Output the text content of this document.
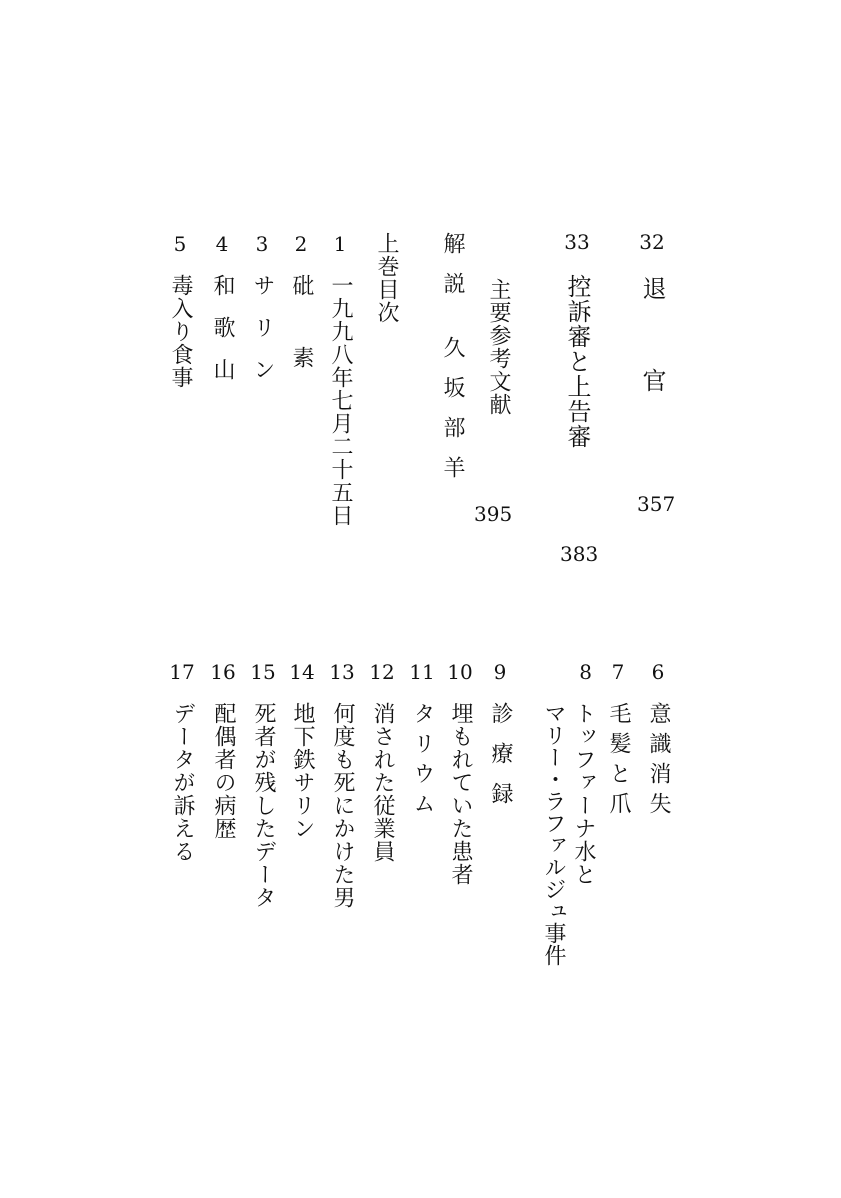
32
退　官
357
33
控訴審と上告審
383
主要参考文献
395
解説
久坂部羊
上巻目次
1
一九九八年七月二十五日
2
砒　素
3
サリン
4
和歌山
5
毒入り食事
6
意識消失
7
毛髪と爪
8
トッファーナ水と
マリー・ラファルジュ事件
9
診療録
10
埋もれていた患者
11
タリウム
12
消された従業員
13
何度も死にかけた男
14
地下鉄サリン
15
死者が残したデータ
16
配偶者の病歴
17
データが訴える
